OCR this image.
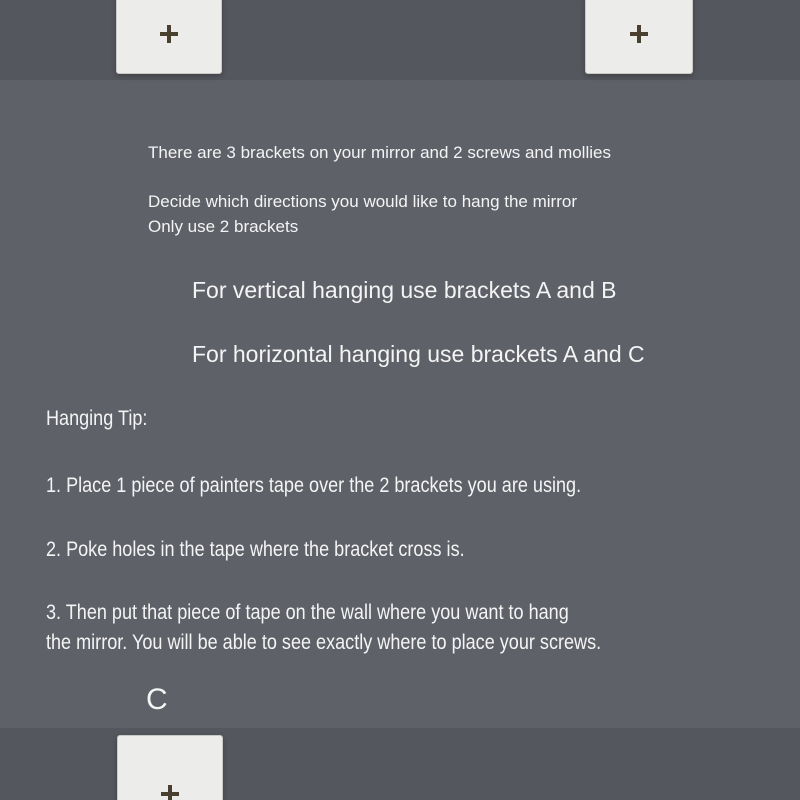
There are 3 brackets on your mirror and 2 screws and mollies
Decide which directions you would like to hang the mirror
Only use 2 brackets
For vertical hanging use brackets A and B
For horizontal hanging use brackets A and C
Hanging Tip:
1. Place 1 piece of painters tape over the 2 brackets you are using.
2. Poke holes in the tape where the bracket cross is.
3. Then put that piece of tape on the wall where you want to hang
the mirror. You will be able to see exactly where to place your screws.
C
